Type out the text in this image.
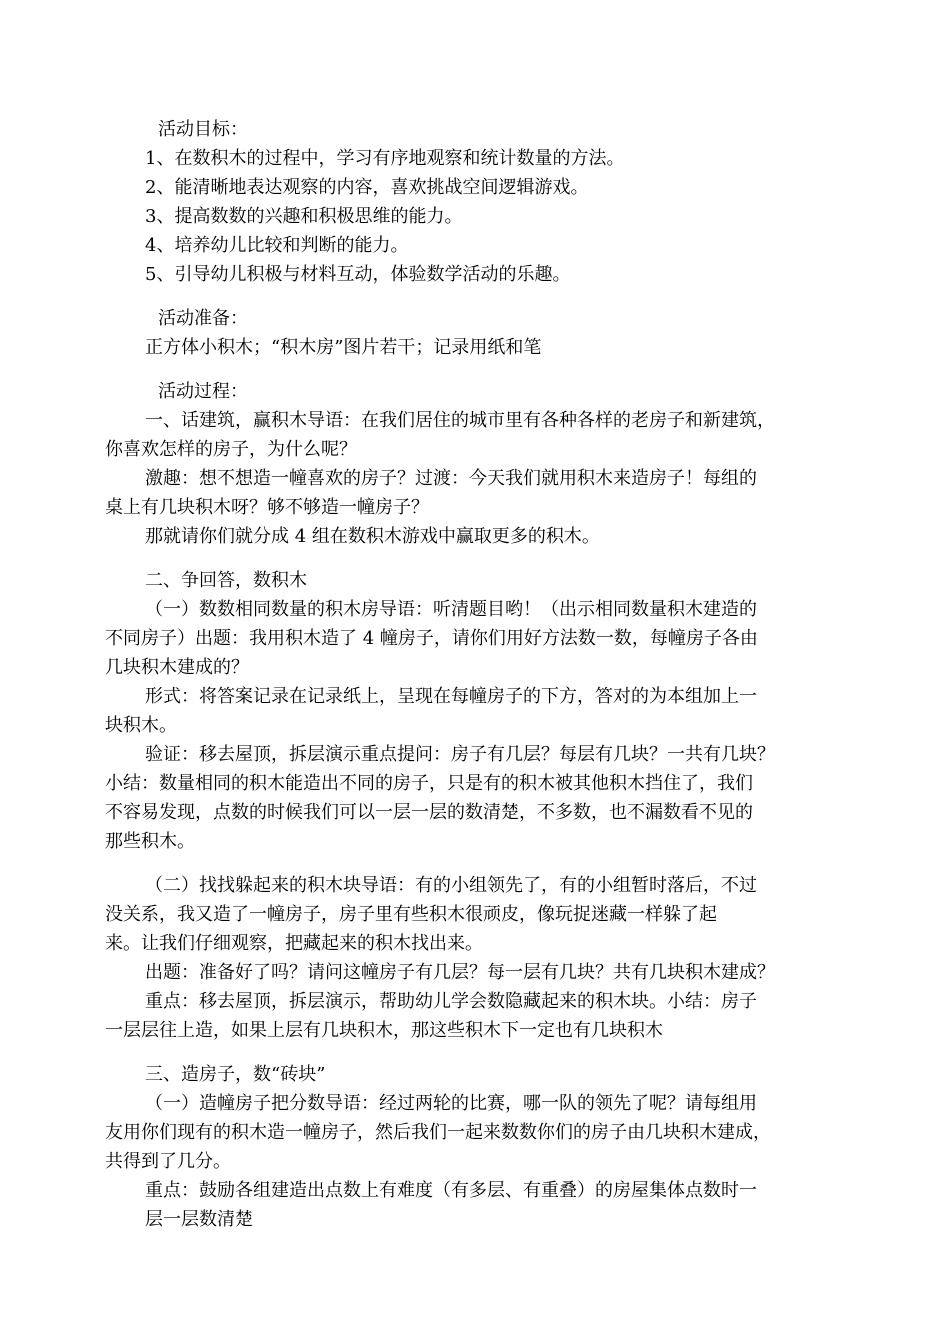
活动目标：
1、在数积木的过程中，学习有序地观察和统计数量的方法。
2、能清晰地表达观察的内容，喜欢挑战空间逻辑游戏。
3、提高数数的兴趣和积极思维的能力。
4、培养幼儿比较和判断的能力。
5、引导幼儿积极与材料互动，体验数学活动的乐趣。
活动准备：
正方体小积木；“积木房”图片若干；记录用纸和笔
活动过程：
一、话建筑，赢积木导语：在我们居住的城市里有各种各样的老房子和新建筑，
你喜欢怎样的房子，为什么呢？
激趣：想不想造一幢喜欢的房子？过渡：今天我们就用积木来造房子！每组的
桌上有几块积木呀？够不够造一幢房子？
那就请你们就分成 4 组在数积木游戏中赢取更多的积木。
二、争回答，数积木
（一）数数相同数量的积木房导语：听清题目哟！（出示相同数量积木建造的
不同房子）出题：我用积木造了 4 幢房子，请你们用好方法数一数，每幢房子各由
几块积木建成的？
形式：将答案记录在记录纸上，呈现在每幢房子的下方，答对的为本组加上一
块积木。
验证：移去屋顶，拆层演示重点提问：房子有几层？每层有几块？一共有几块？
小结：数量相同的积木能造出不同的房子，只是有的积木被其他积木挡住了，我们
不容易发现，点数的时候我们可以一层一层的数清楚，不多数，也不漏数看不见的
那些积木。
（二）找找躲起来的积木块导语：有的小组领先了，有的小组暂时落后，不过
没关系，我又造了一幢房子，房子里有些积木很顽皮，像玩捉迷藏一样躲了起
来。让我们仔细观察，把藏起来的积木找出来。
出题：准备好了吗？请问这幢房子有几层？每一层有几块？共有几块积木建成？
重点：移去屋顶，拆层演示，帮助幼儿学会数隐藏起来的积木块。小结：房子
一层层往上造，如果上层有几块积木，那这些积木下一定也有几块积木
三、造房子，数“砖块”
（一）造幢房子把分数导语：经过两轮的比赛，哪一队的领先了呢？请每组用
友用你们现有的积木造一幢房子，然后我们一起来数数你们的房子由几块积木建成，
共得到了几分。
重点：鼓励各组建造出点数上有难度（有多层、有重叠）的房屋集体点数时一
层一层数清楚
